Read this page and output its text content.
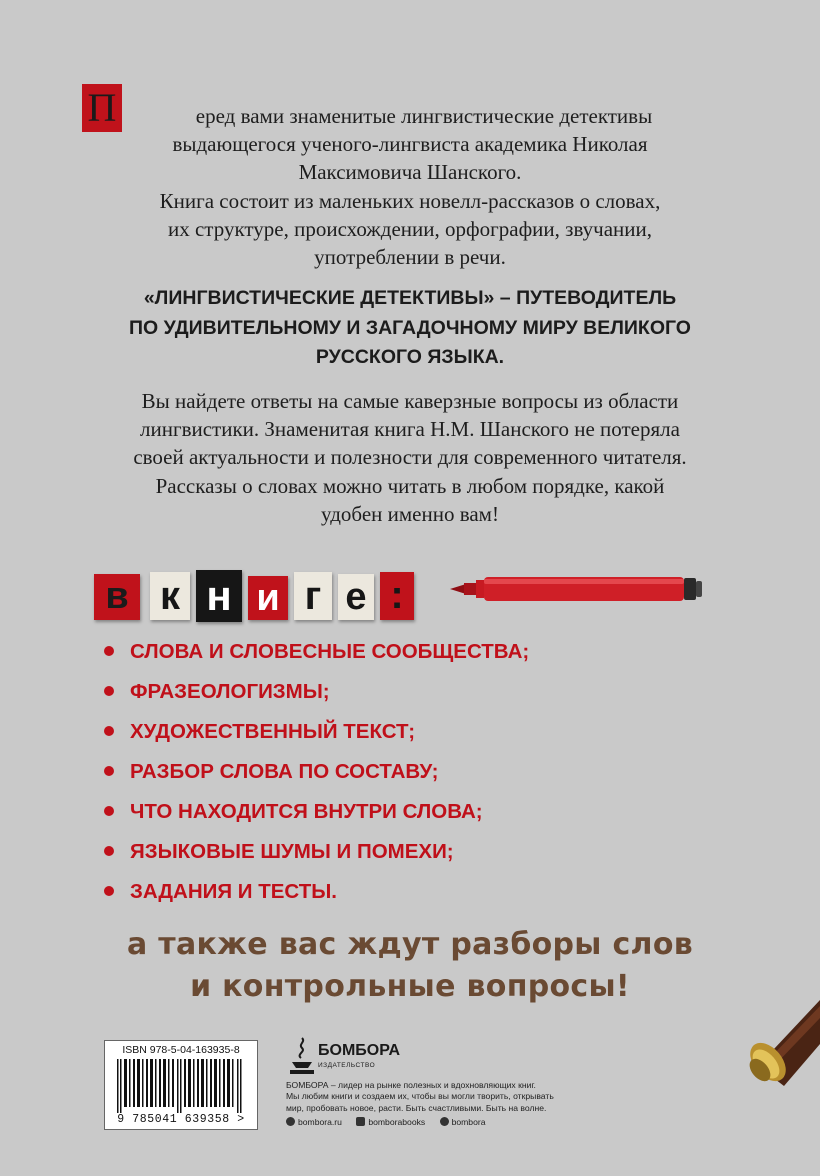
П	еред вами знаменитые лингвистические детективы
выдающегося ученого-лингвиста академика Николая
Максимовича Шанского.
Книга состоит из маленьких новелл-рассказов о словах,
их структуре, происхождении, орфографии, звучании,
употреблении в речи.
«ЛИНГВИСТИЧЕСКИЕ ДЕТЕКТИВЫ» – ПУТЕВОДИТЕЛЬ
ПО УДИВИТЕЛЬНОМУ И ЗАГАДОЧНОМУ МИРУ ВЕЛИКОГО
РУССКОГО ЯЗЫКА.
Вы найдете ответы на самые каверзные вопросы из области
лингвистики. Знаменитая книга Н.М. Шанского не потеряла
своей актуальности и полезности для современного читателя.
Рассказы о словах можно читать в любом порядке, какой
удобен именно вам!
в к н и г е :
СЛОВА И СЛОВЕСНЫЕ СООБЩЕСТВА;
ФРАЗЕОЛОГИЗМЫ;
ХУДОЖЕСТВЕННЫЙ ТЕКСТ;
РАЗБОР СЛОВА ПО СОСТАВУ;
ЧТО НАХОДИТСЯ ВНУТРИ СЛОВА;
ЯЗЫКОВЫЕ ШУМЫ И ПОМЕХИ;
ЗАДАНИЯ И ТЕСТЫ.
а также вас ждут разборы слов
и контрольные вопросы!
ISBN 978-5-04-163935-8
9 785041 639358 >
БОМБОРА
ИЗДАТЕЛЬСТВО
БОМБОРА – лидер на рынке полезных и вдохновляющих книг.
Мы любим книги и создаем их, чтобы вы могли творить, открывать
мир, пробовать новое, расти. Быть счастливыми. Быть на волне.
bombora.ru	bomborabooks	bombora
